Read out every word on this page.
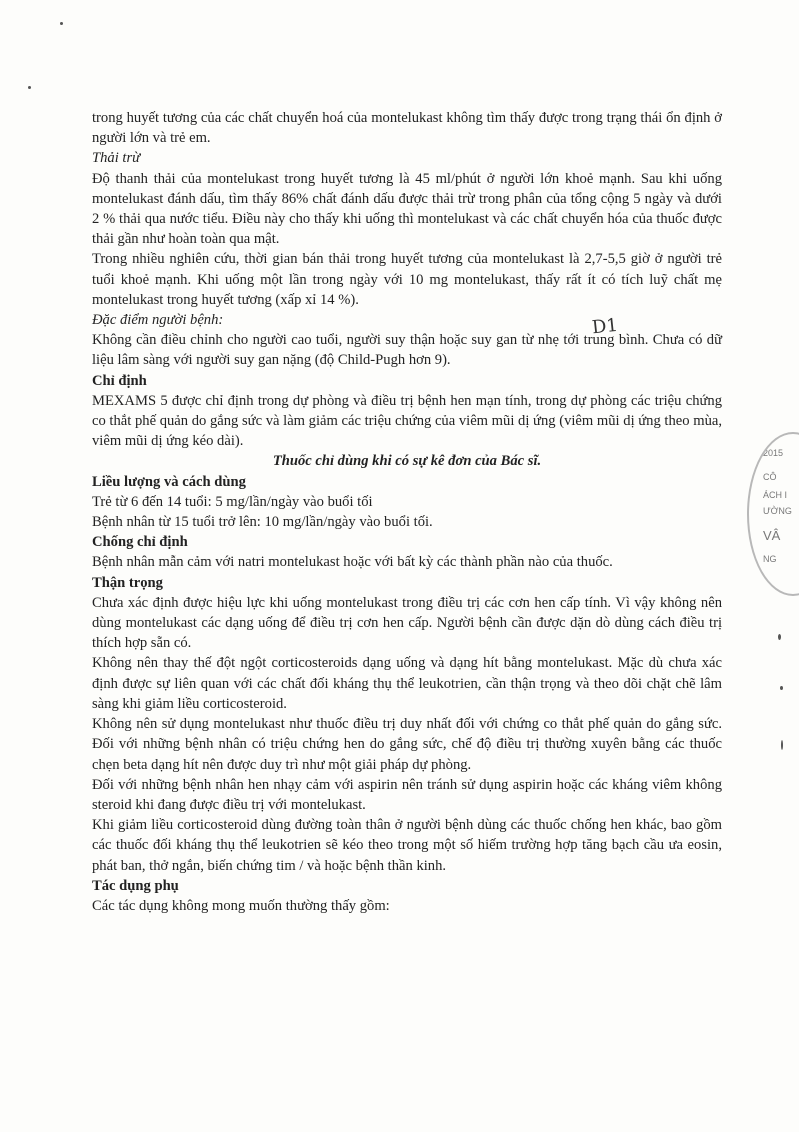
trong huyết tương của các chất chuyển hoá của montelukast không tìm thấy được trong trạng thái ổn định ở người lớn và trẻ em.

Thải trừ

Độ thanh thải của montelukast trong huyết tương là 45 ml/phút ở người lớn khoẻ mạnh. Sau khi uống montelukast đánh dấu, tìm thấy 86% chất đánh dấu được thải trừ trong phân của tổng cộng 5 ngày và dưới 2 % thải qua nước tiểu. Điều này cho thấy khi uống thì montelukast và các chất chuyển hóa của thuốc được thải gần như hoàn toàn qua mật.

Trong nhiều nghiên cứu, thời gian bán thải trong huyết tương của montelukast là 2,7-5,5 giờ ở người trẻ tuổi khoẻ mạnh. Khi uống một lần trong ngày với 10 mg montelukast, thấy rất ít có tích luỹ chất mẹ montelukast trong huyết tương (xấp xỉ 14 %).

Đặc điểm người bệnh:

Không cần điều chỉnh cho người cao tuổi, người suy thận hoặc suy gan từ nhẹ tới trung bình. Chưa có dữ liệu lâm sàng với người suy gan nặng (độ Child-Pugh hơn 9).

Chỉ định

MEXAMS 5 được chỉ định trong dự phòng và điều trị bệnh hen mạn tính, trong dự phòng các triệu chứng co thắt phế quản do gắng sức và làm giảm các triệu chứng của viêm mũi dị ứng (viêm mũi dị ứng theo mùa, viêm mũi dị ứng kéo dài).

Thuốc chỉ dùng khi có sự kê đơn của Bác sĩ.

Liều lượng và cách dùng

Trẻ từ 6 đến 14 tuổi: 5 mg/lần/ngày vào buổi tối

Bệnh nhân từ 15 tuổi trở lên: 10 mg/lần/ngày vào buổi tối.

Chống chỉ định

Bệnh nhân mẫn cảm với natri montelukast hoặc với bất kỳ các thành phần nào của thuốc.

Thận trọng

Chưa xác định được hiệu lực khi uống montelukast trong điều trị các cơn hen cấp tính. Vì vậy không nên dùng montelukast các dạng uống để điều trị cơn hen cấp. Người bệnh cần được dặn dò dùng cách điều trị thích hợp sẵn có.

Không nên thay thế đột ngột corticosteroids dạng uống và dạng hít bằng montelukast. Mặc dù chưa xác định được sự liên quan với các chất đối kháng thụ thể leukotrien, cần thận trọng và theo dõi chặt chẽ lâm sàng khi giảm liều corticosteroid.

Không nên sử dụng montelukast như thuốc điều trị duy nhất đối với chứng co thắt phế quản do gắng sức. Đối với những bệnh nhân có triệu chứng hen do gắng sức, chế độ điều trị thường xuyên bằng các thuốc chẹn beta dạng hít nên được duy trì như một giải pháp dự phòng.

Đối với những bệnh nhân hen nhạy cảm với aspirin nên tránh sử dụng aspirin hoặc các kháng viêm không steroid khi đang được điều trị với montelukast.

Khi giảm liều corticosteroid dùng đường toàn thân ở người bệnh dùng các thuốc chống hen khác, bao gồm các thuốc đối kháng thụ thể leukotrien sẽ kéo theo trong một số hiếm trường hợp tăng bạch cầu ưa eosin, phát ban, thở ngắn, biến chứng tim / và hoặc bệnh thần kinh.

Tác dụng phụ

Các tác dụng không mong muốn thường thấy gồm:

D1
2015
CÔ
ÁCH I
ƯỜNG
VÂ
NG
